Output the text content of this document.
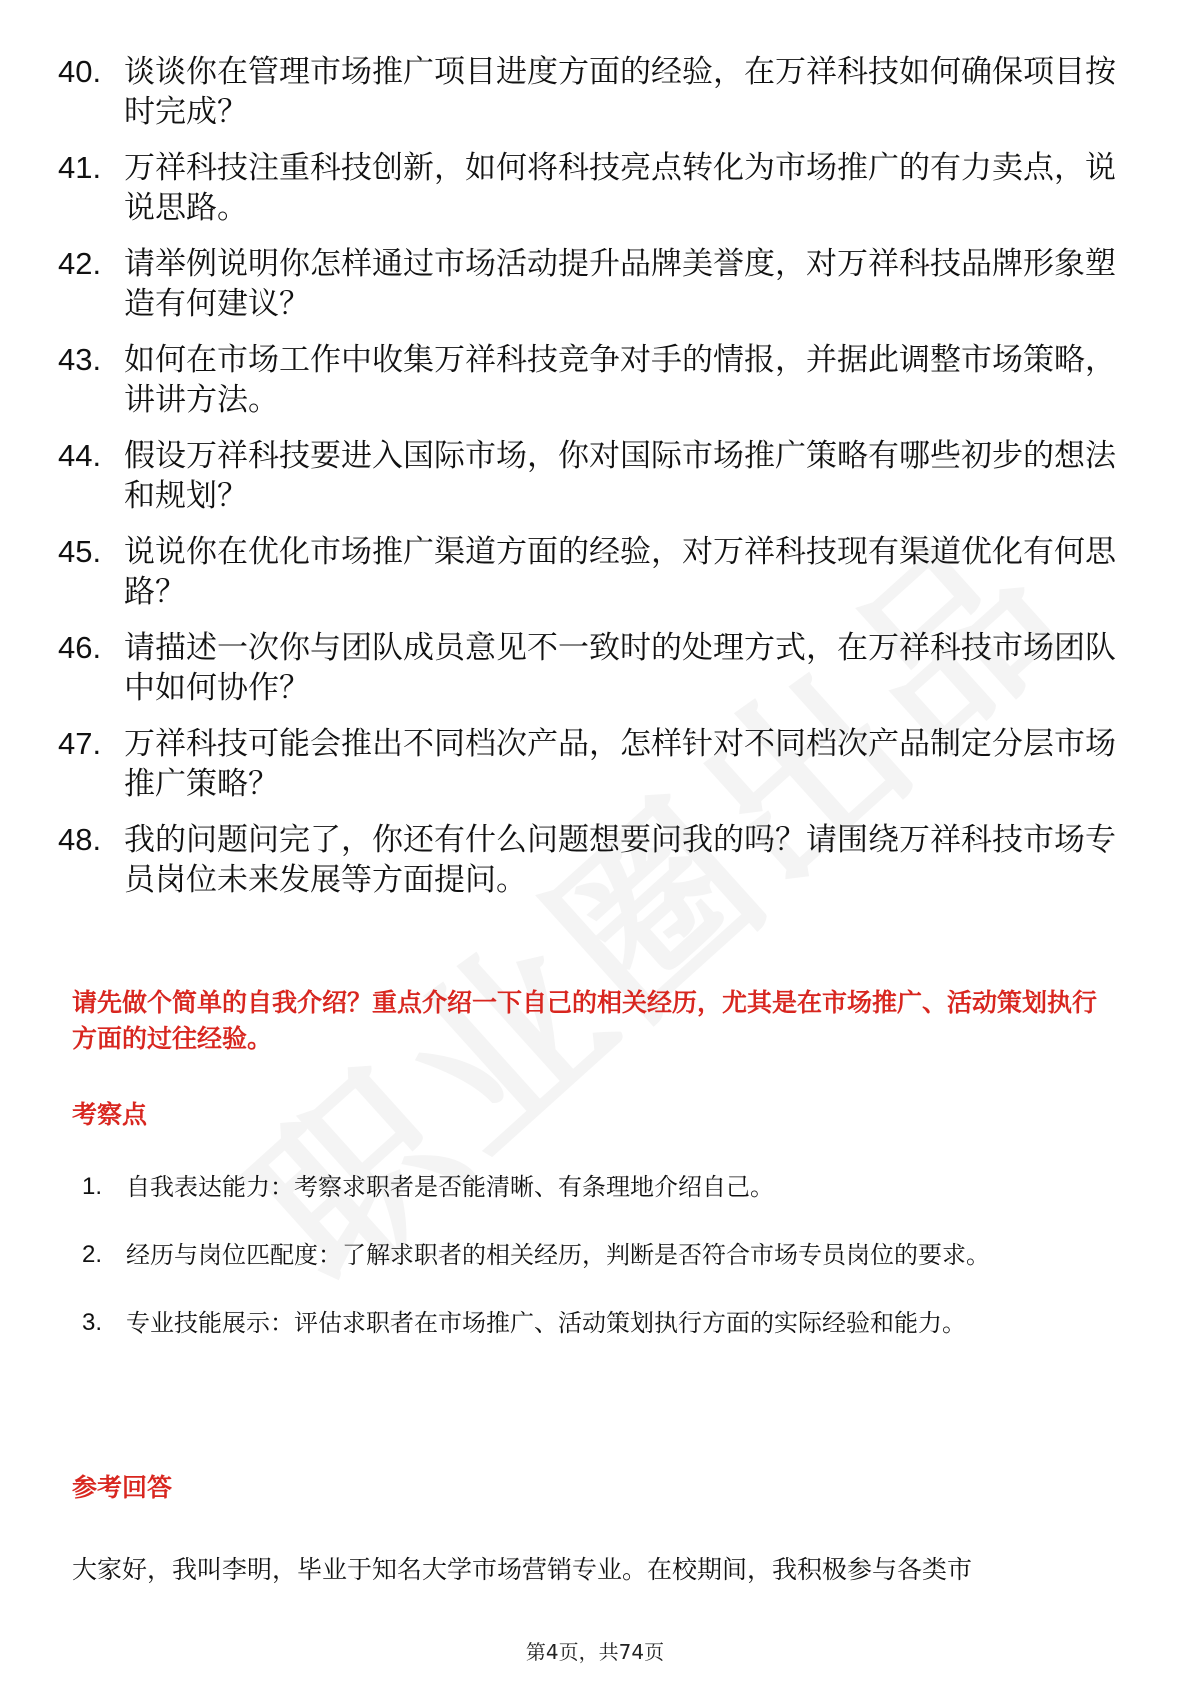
40. 谈谈你在管理市场推广项目进度方面的经验，在万祥科技如何确保项目按时完成？
41. 万祥科技注重科技创新，如何将科技亮点转化为市场推广的有力卖点，说说思路。
42. 请举例说明你怎样通过市场活动提升品牌美誉度，对万祥科技品牌形象塑造有何建议？
43. 如何在市场工作中收集万祥科技竞争对手的情报，并据此调整市场策略，讲讲方法。
44. 假设万祥科技要进入国际市场，你对国际市场推广策略有哪些初步的想法和规划？
45. 说说你在优化市场推广渠道方面的经验，对万祥科技现有渠道优化有何思路？
46. 请描述一次你与团队成员意见不一致时的处理方式，在万祥科技市场团队中如何协作？
47. 万祥科技可能会推出不同档次产品，怎样针对不同档次产品制定分层市场推广策略？
48. 我的问题问完了，你还有什么问题想要问我的吗？请围绕万祥科技市场专员岗位未来发展等方面提问。
请先做个简单的自我介绍？重点介绍一下自己的相关经历，尤其是在市场推广、活动策划执行方面的过往经验。
考察点
1. 自我表达能力：考察求职者是否能清晰、有条理地介绍自己。
2. 经历与岗位匹配度：了解求职者的相关经历，判断是否符合市场专员岗位的要求。
3. 专业技能展示：评估求职者在市场推广、活动策划执行方面的实际经验和能力。
参考回答
大家好，我叫李明，毕业于知名大学市场营销专业。在校期间，我积极参与各类市
第4页，共74页
